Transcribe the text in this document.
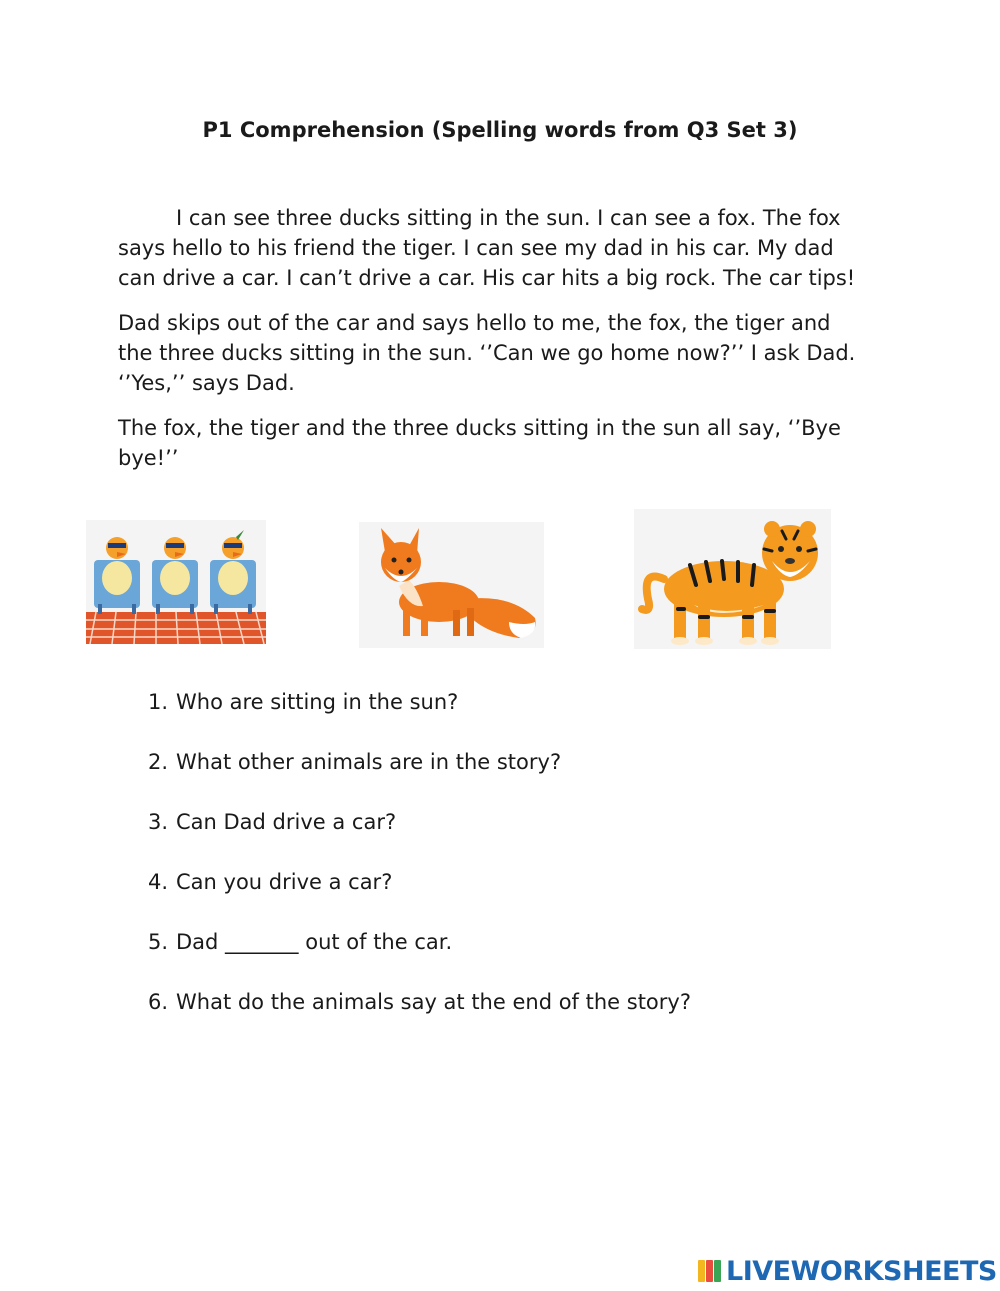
P1 Comprehension (Spelling words from Q3 Set 3)

I can see three ducks sitting in the sun. I can see a fox. The fox says hello to his friend the tiger. I can see my dad in his car. My dad can drive a car. I can’t drive a car. His car hits a big rock. The car tips!

Dad skips out of the car and says hello to me, the fox, the tiger and the three ducks sitting in the sun. ‘’Can we go home now?’’ I ask Dad. ‘’Yes,’’ says Dad.

The fox, the tiger and the three ducks sitting in the sun all say, ‘’Bye bye!’’

1. Who are sitting in the sun?
2. What other animals are in the story?
3. Can Dad drive a car?
4. Can you drive a car?
5. Dad _______ out of the car.
6. What do the animals say at the end of the story?
LIVEWORKSHEETS
